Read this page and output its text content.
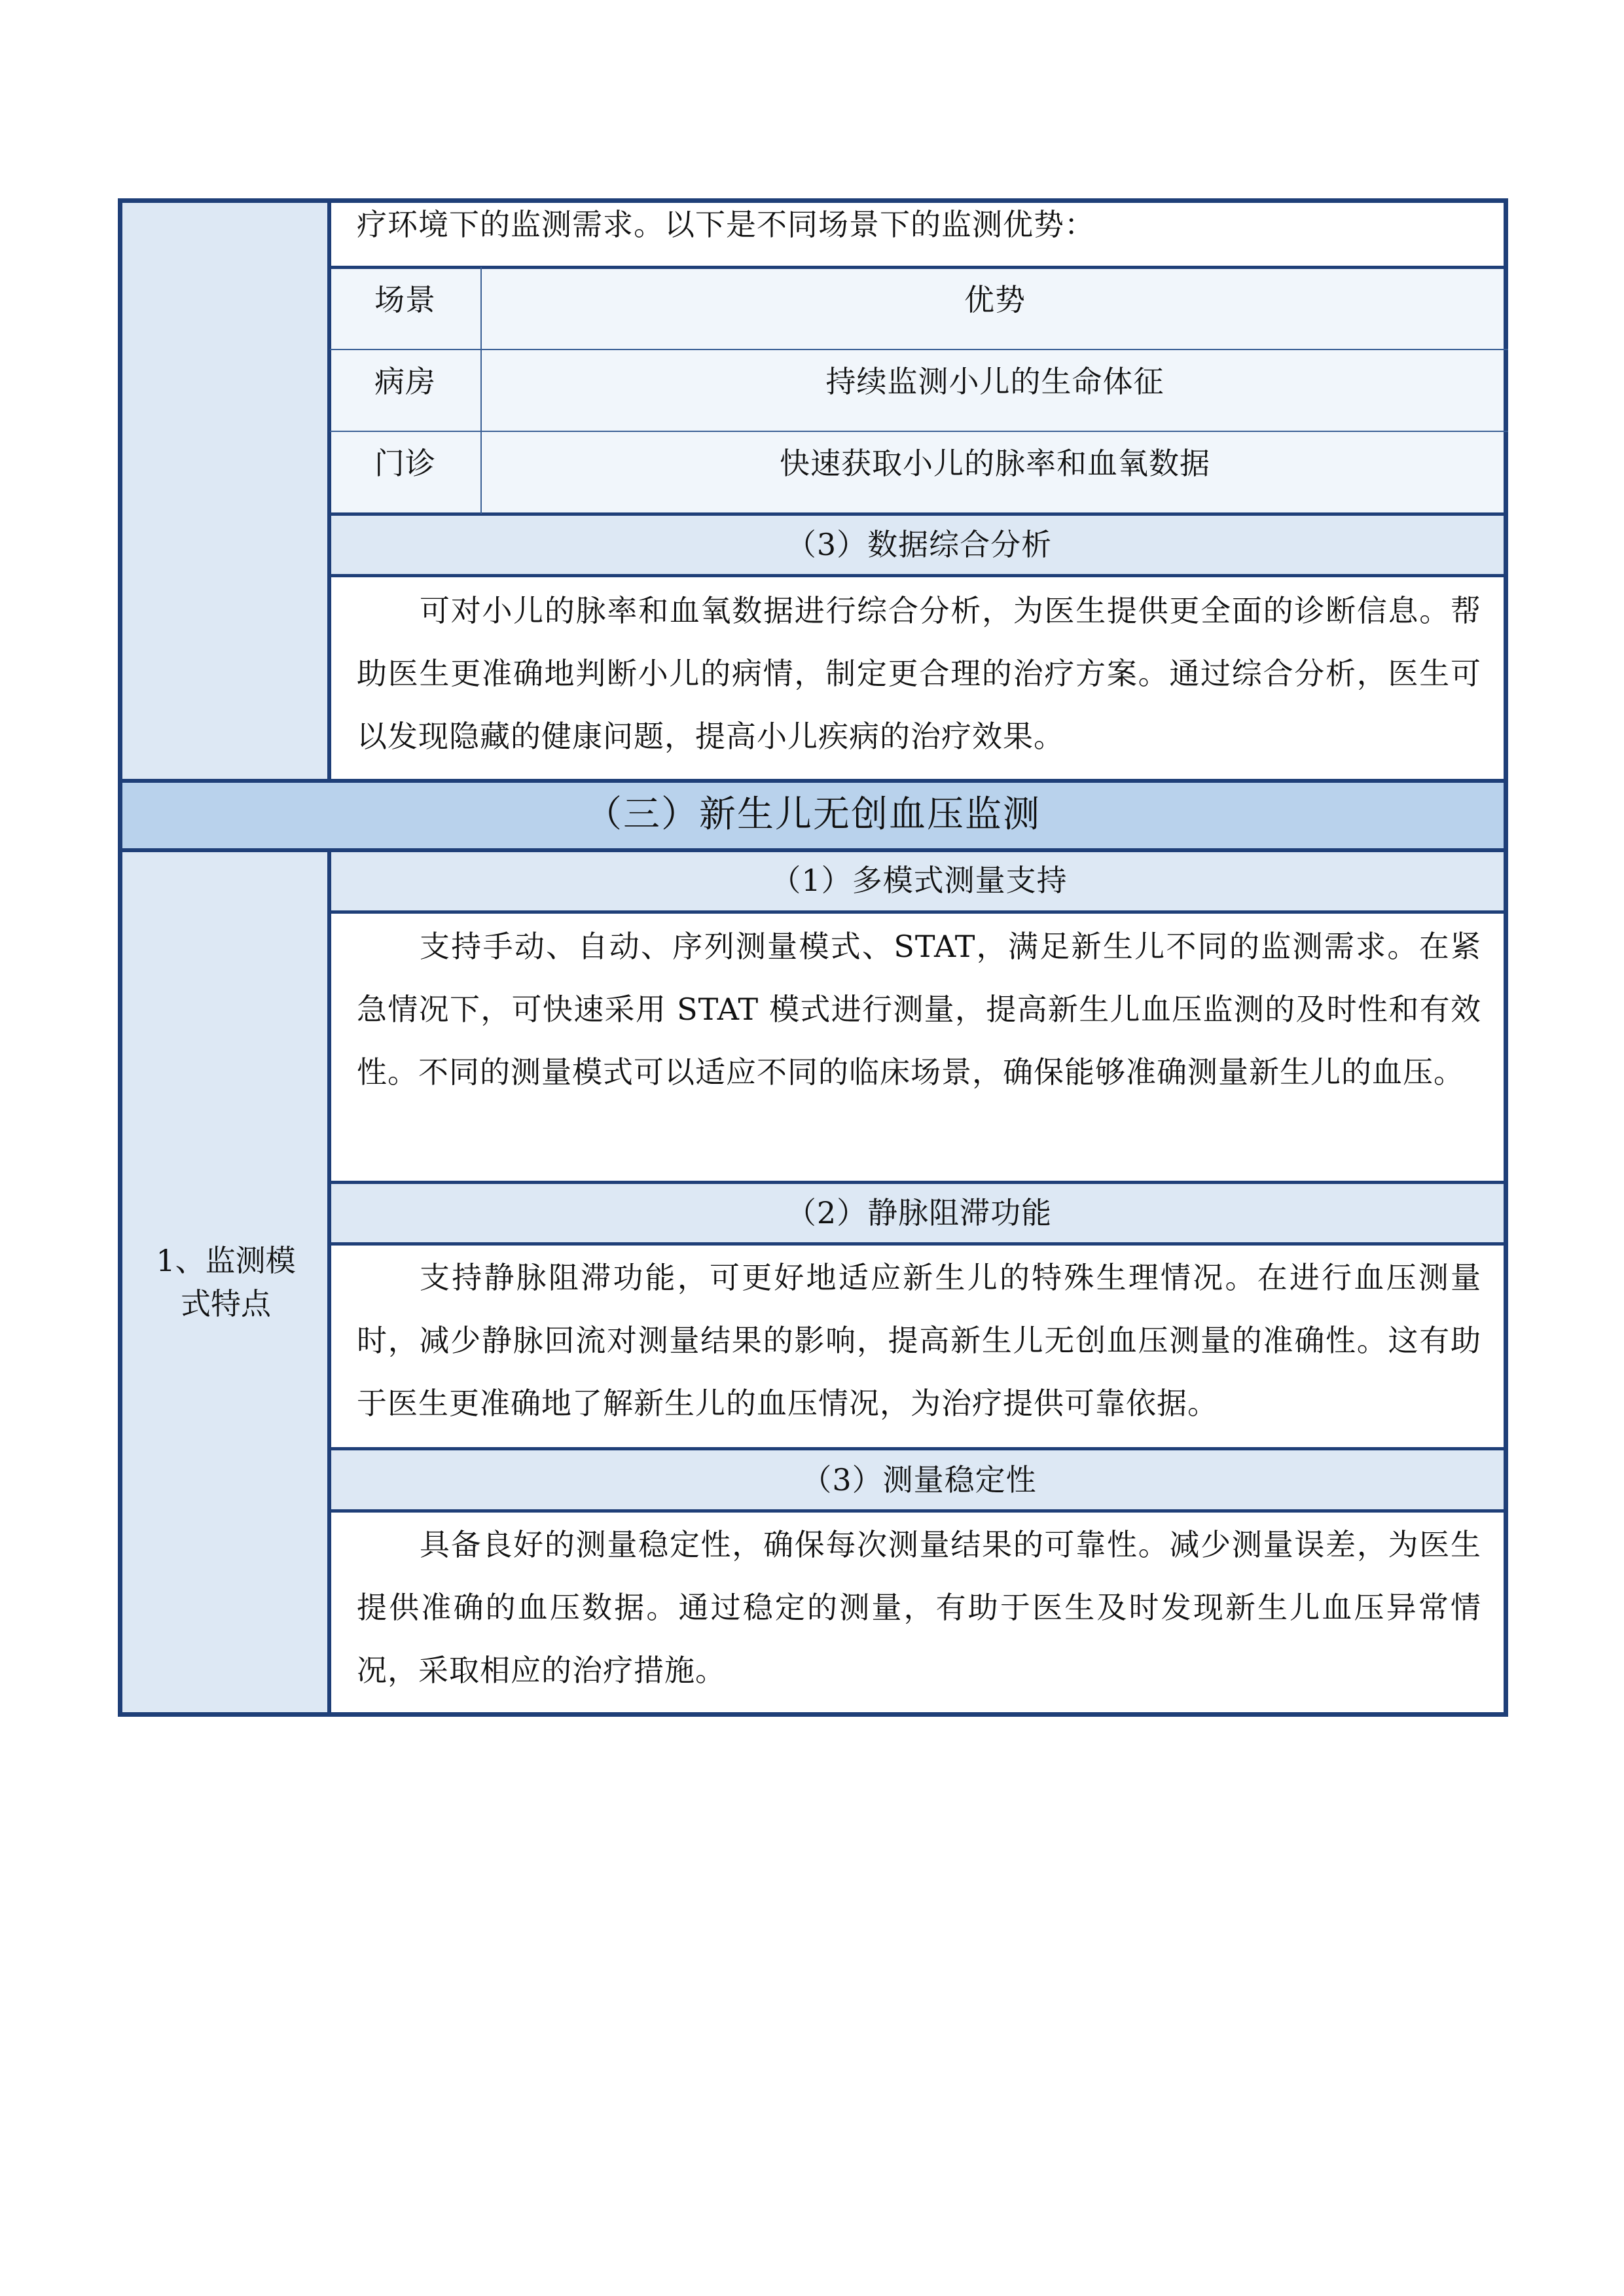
疗环境下的监测需求。以下是不同场景下的监测优势：
场景	优势
病房	持续监测小儿的生命体征
门诊	快速获取小儿的脉率和血氧数据
（3）数据综合分析
可对小儿的脉率和血氧数据进行综合分析，为医生提供更全面的诊断信息。帮助医生更准确地判断小儿的病情，制定更合理的治疗方案。通过综合分析，医生可以发现隐藏的健康问题，提高小儿疾病的治疗效果。
（三）新生儿无创血压监测
1、监测模式特点
（1）多模式测量支持
支持手动、自动、序列测量模式、STAT，满足新生儿不同的监测需求。在紧急情况下，可快速采用 STAT 模式进行测量，提高新生儿血压监测的及时性和有效性。不同的测量模式可以适应不同的临床场景，确保能够准确测量新生儿的血压。
（2）静脉阻滞功能
支持静脉阻滞功能，可更好地适应新生儿的特殊生理情况。在进行血压测量时，减少静脉回流对测量结果的影响，提高新生儿无创血压测量的准确性。这有助于医生更准确地了解新生儿的血压情况，为治疗提供可靠依据。
（3）测量稳定性
具备良好的测量稳定性，确保每次测量结果的可靠性。减少测量误差，为医生提供准确的血压数据。通过稳定的测量，有助于医生及时发现新生儿血压异常情况，采取相应的治疗措施。
